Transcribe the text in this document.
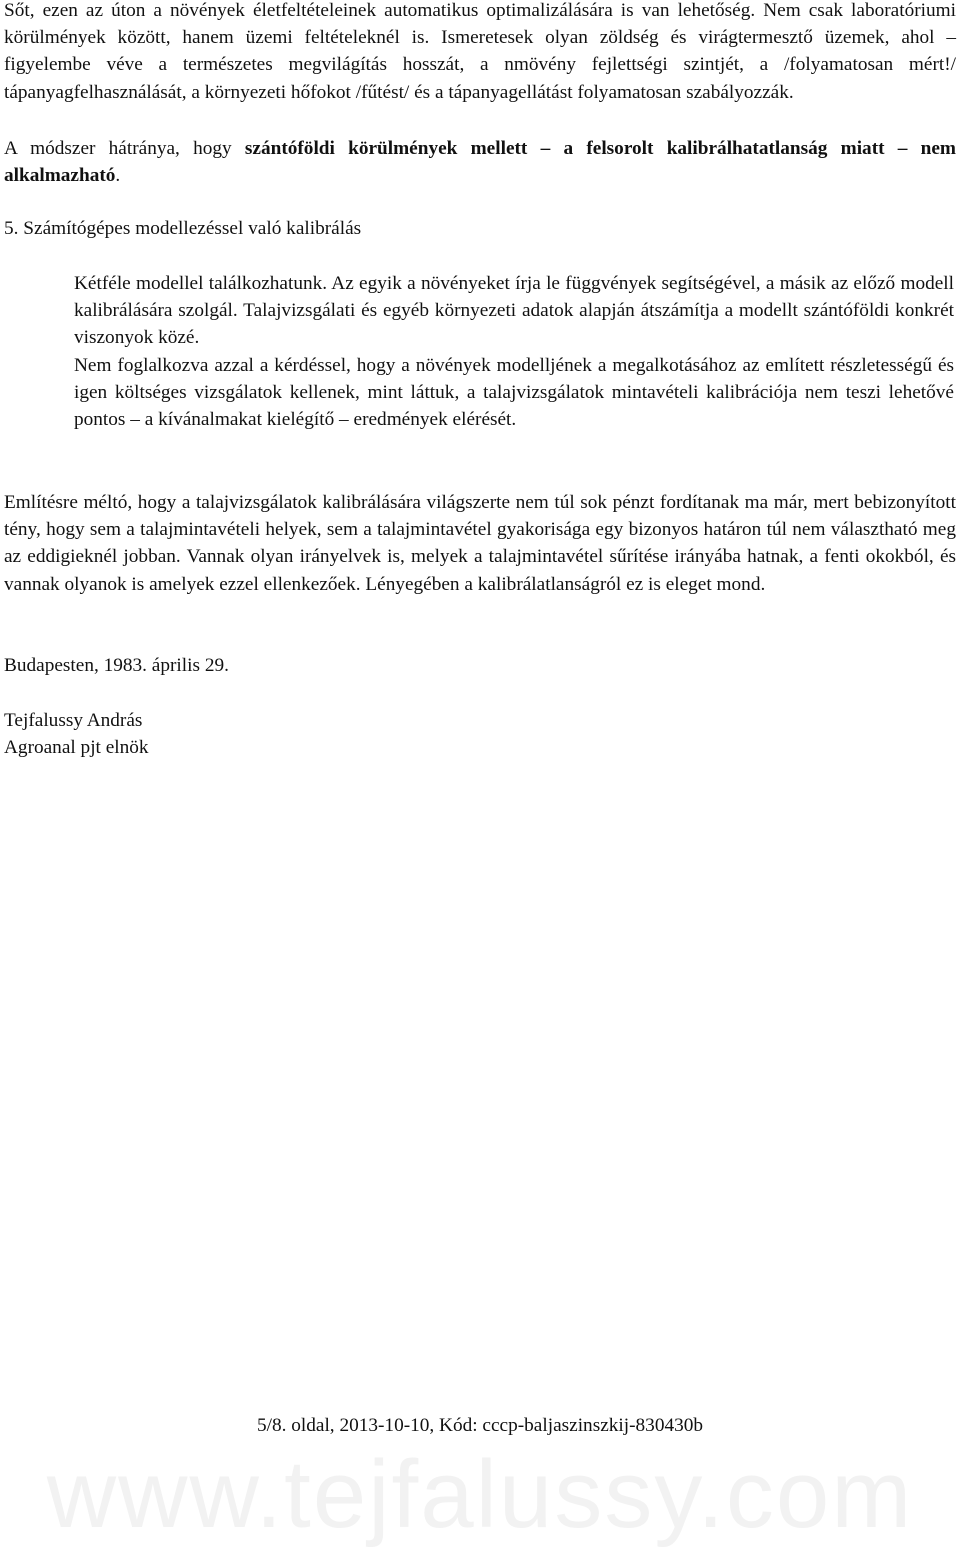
Sőt, ezen az úton a növények életfeltételeinek automatikus optimalizálására is van lehetőség. Nem csak laboratóriumi körülmények között, hanem üzemi feltételeknél is. Ismeretesek olyan zöldség és virágtermesztő üzemek, ahol – figyelembe véve a természetes megvilágítás hosszát, a nmövény fejlettségi szintjét, a /folyamatosan mért!/ tápanyagfelhasználását, a környezeti hőfokot /fűtést/ és a tápanyagellátást folyamatosan szabályozzák.

A módszer hátránya, hogy szántóföldi körülmények mellett – a felsorolt kalibrálhatatlanság miatt – nem alkalmazható.

5. Számítógépes modellezéssel való kalibrálás

Kétféle modellel találkozhatunk. Az egyik a növényeket írja le függvények segítségével, a másik az előző modell kalibrálására szolgál. Talajvizsgálati és egyéb környezeti adatok alapján átszámítja a modellt szántóföldi konkrét viszonyok közé.

Nem foglalkozva azzal a kérdéssel, hogy a növények modelljének a megalkotásához az említett részletességű és igen költséges vizsgálatok kellenek, mint láttuk, a talajvizsgálatok mintavételi kalibrációja nem teszi lehetővé pontos – a kívánalmakat kielégítő – eredmények elérését.

Említésre méltó, hogy a talajvizsgálatok kalibrálására világszerte nem túl sok pénzt fordítanak ma már, mert bebizonyított tény, hogy sem a talajmintavételi helyek, sem a talajmintavétel gyakorisága egy bizonyos határon túl nem választható meg az eddigieknél jobban. Vannak olyan irányelvek is, melyek a talajmintavétel sűrítése irányába hatnak, a fenti okokból, és vannak olyanok is amelyek ezzel ellenkezőek. Lényegében a kalibrálatlanságról ez is eleget mond.

Budapesten, 1983. április 29.

Tejfalussy András

Agroanal pjt elnök

5/8. oldal, 2013-10-10, Kód: cccp-baljaszinszkij-830430b
www.tejfalussy.com
